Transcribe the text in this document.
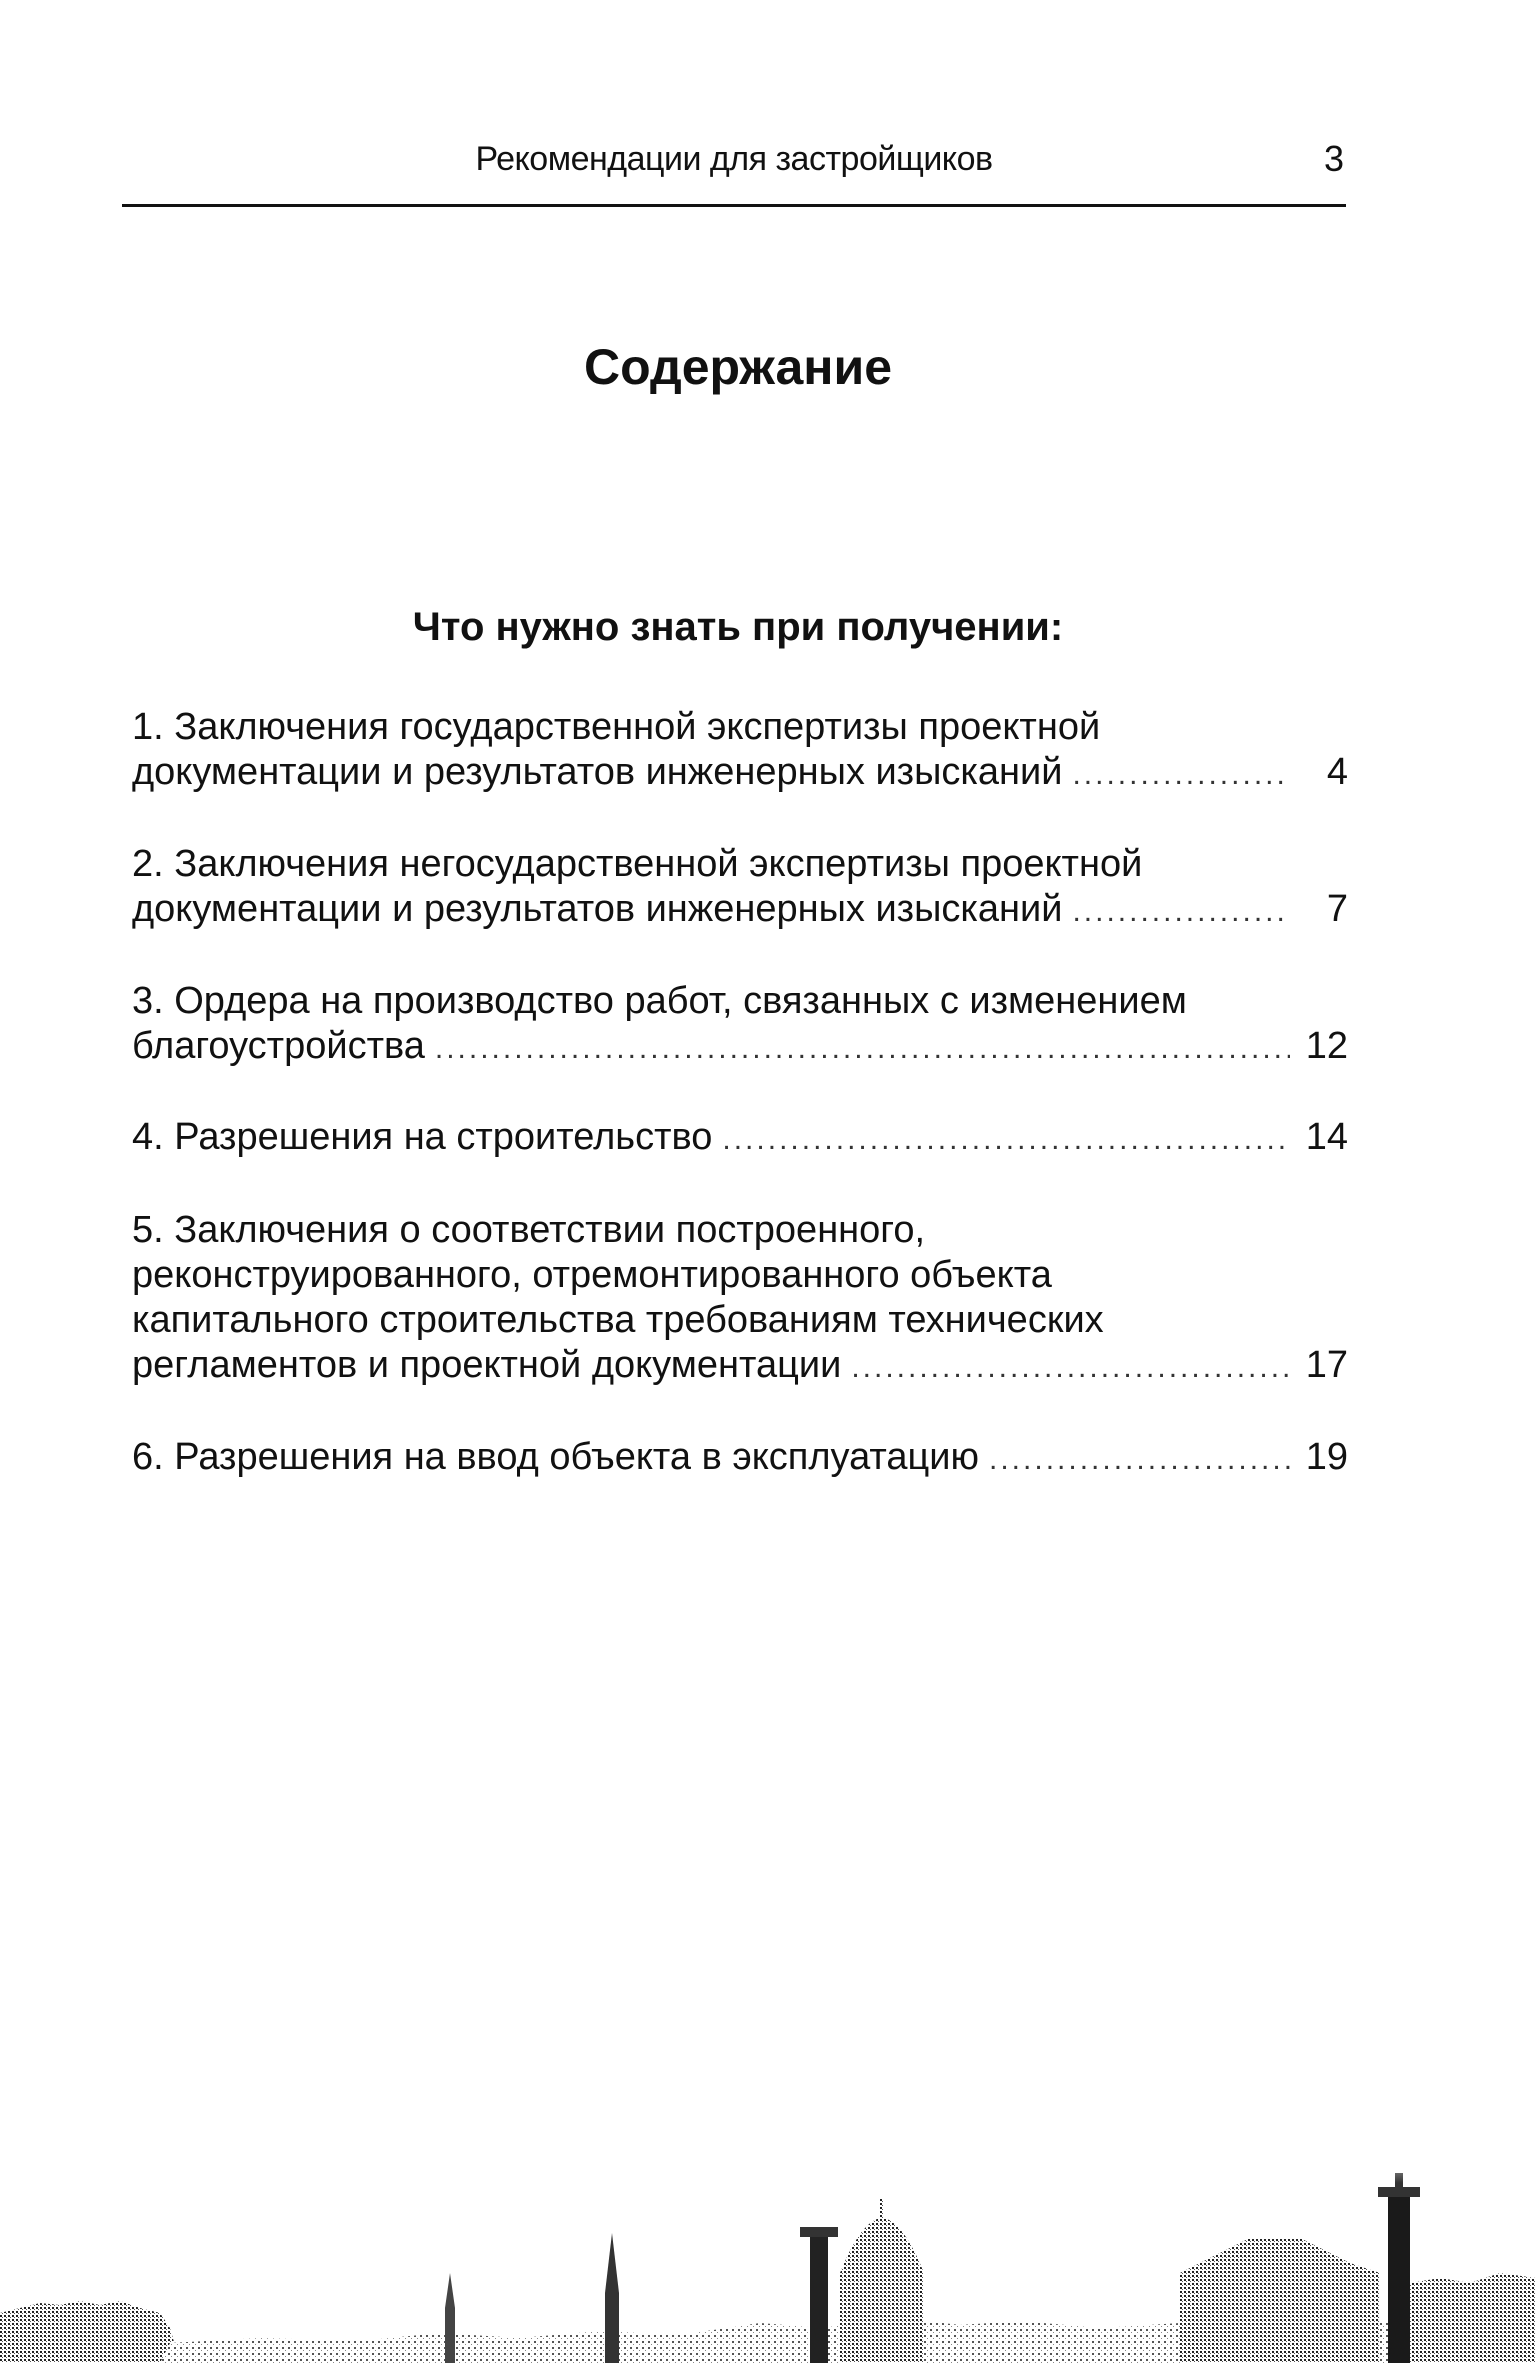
Рекомендации для застройщиков	3
Содержание
Что нужно знать при получении:
1. Заключения государственной экспертизы проектной
документации и результатов инженерных изысканий .....	4
2. Заключения негосударственной экспертизы проектной
документации и результатов инженерных изысканий .....	7
3. Ордера на производство работ, связанных с изменением
благоустройства .....	12
4. Разрешения на строительство .....	14
5. Заключения о соответствии построенного,
реконструированного, отремонтированного объекта
капитального строительства требованиям технических
регламентов и проектной документации .....	17
6. Разрешения на ввод объекта в эксплуатацию .....	19
